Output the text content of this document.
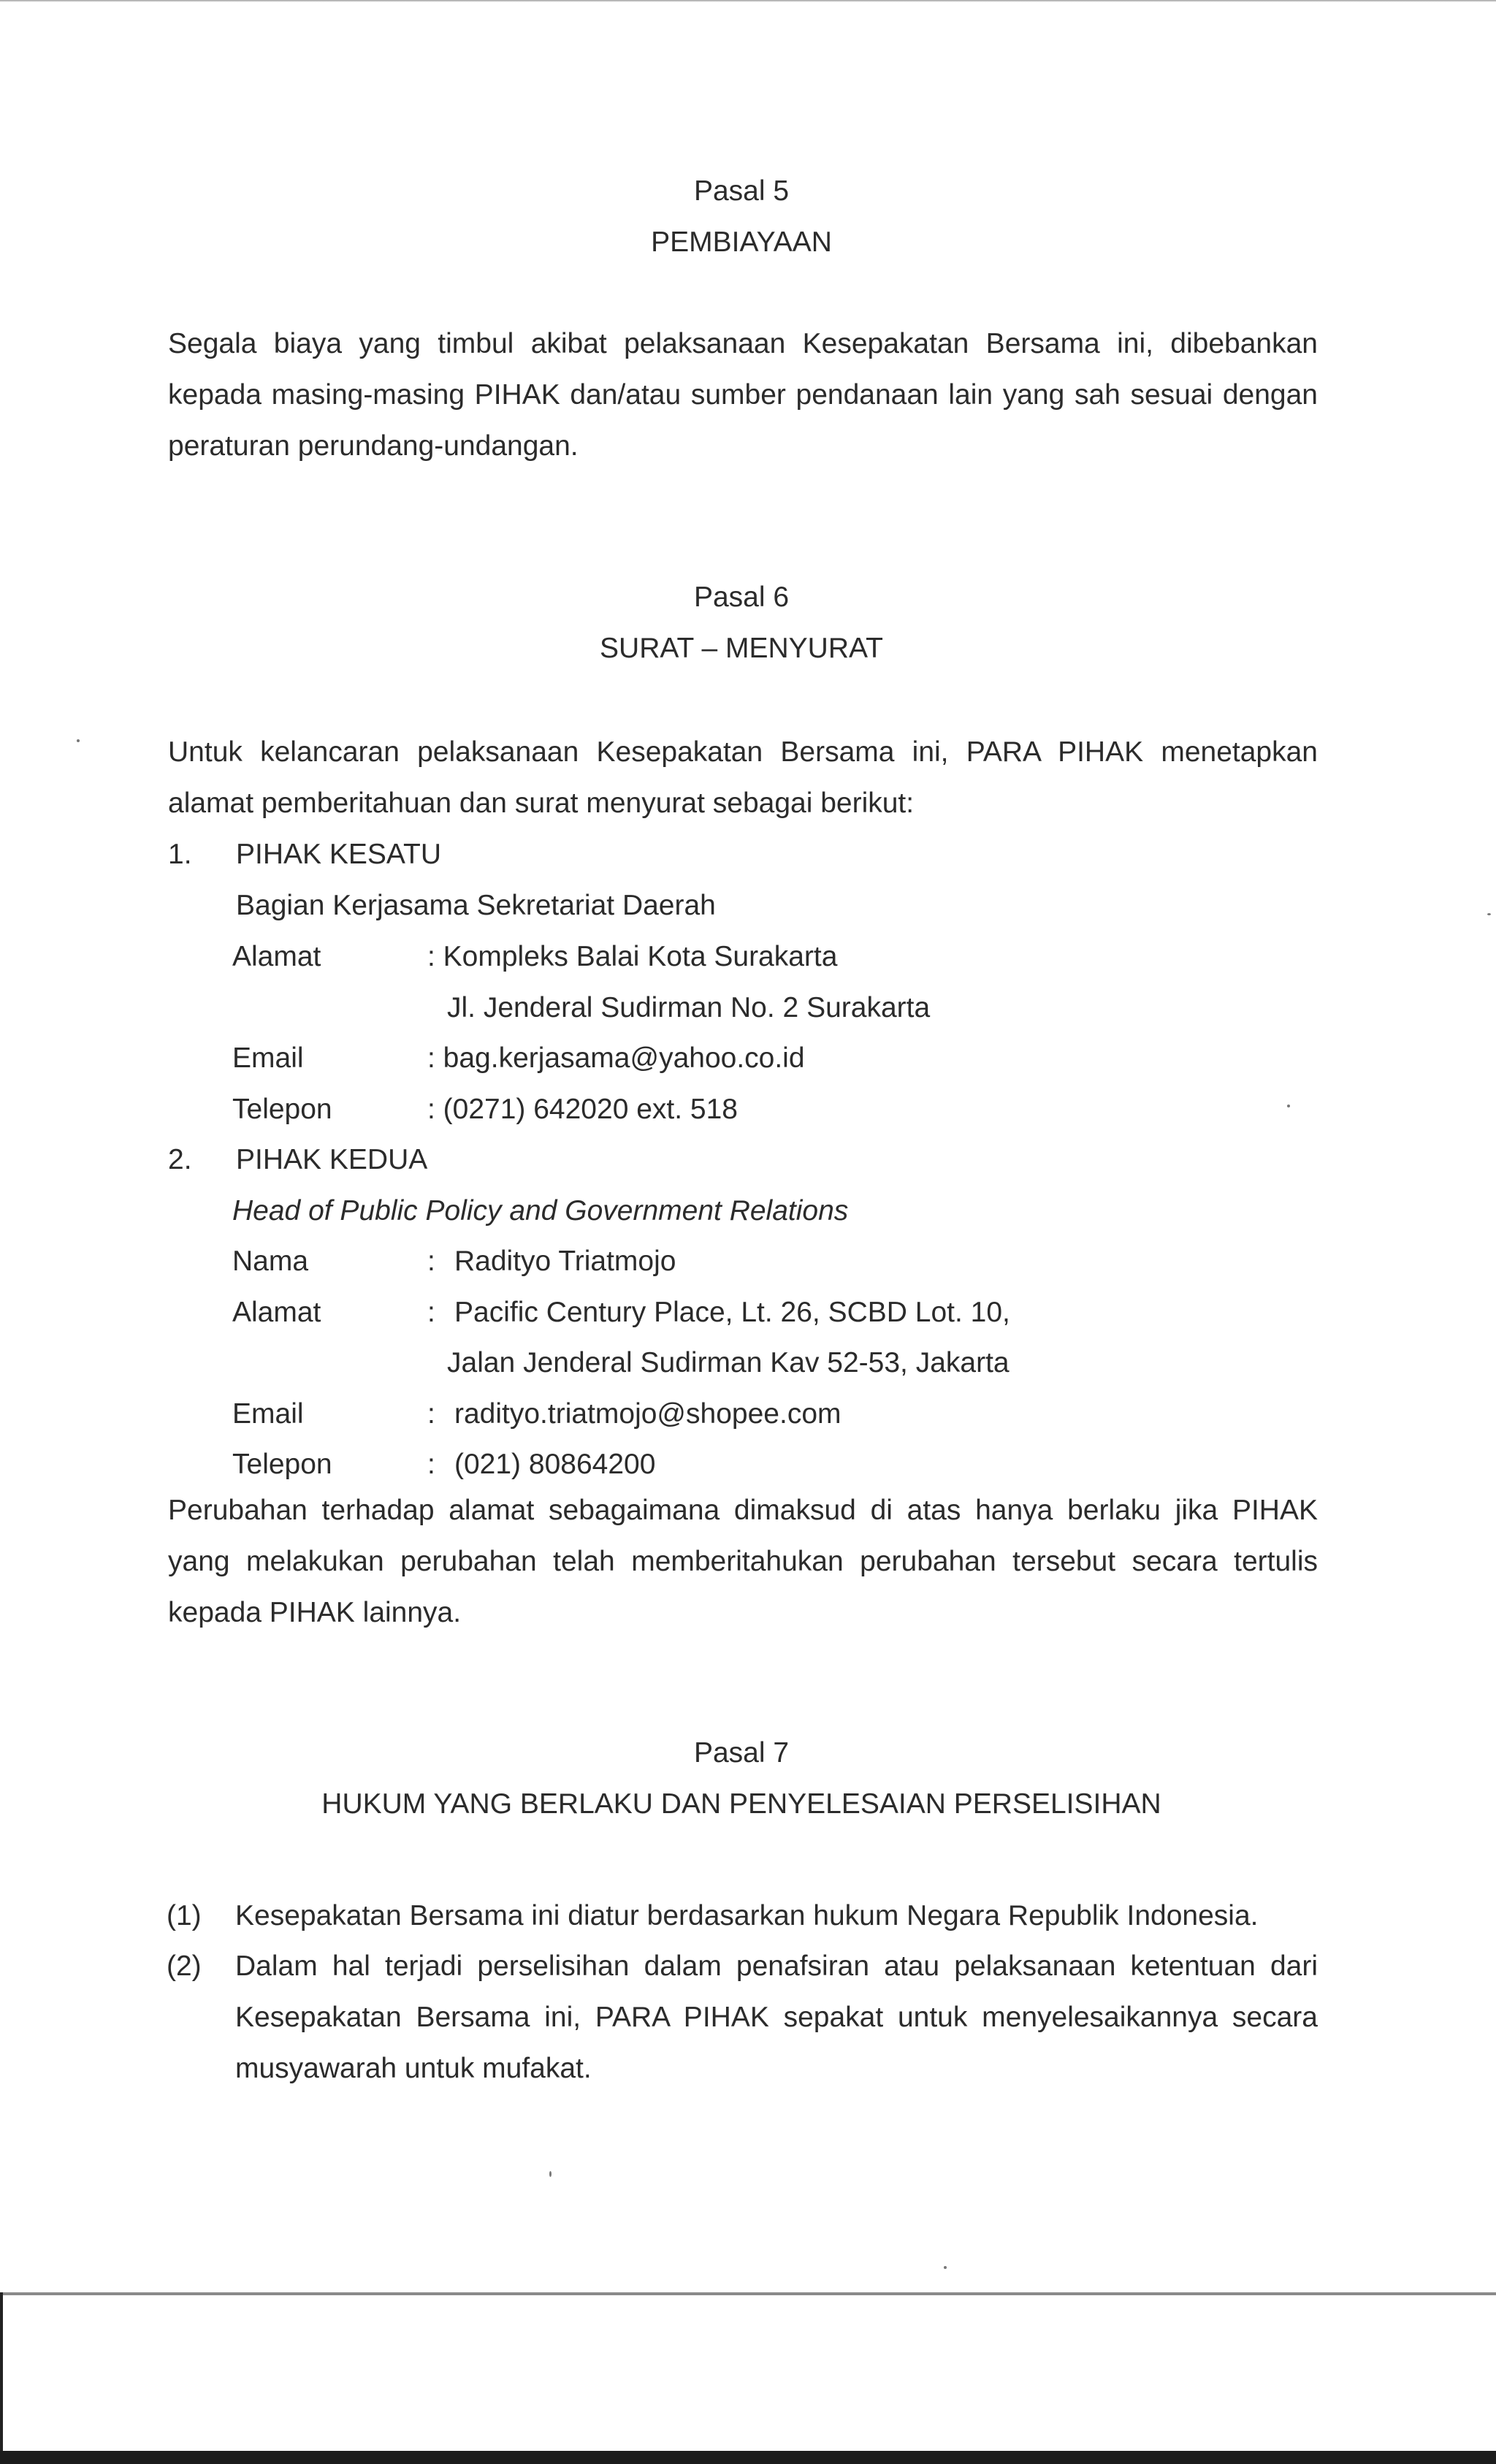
Pasal 5
PEMBIAYAAN
Segala biaya yang timbul akibat pelaksanaan Kesepakatan Bersama ini, dibebankan
kepada masing-masing PIHAK dan/atau sumber pendanaan lain yang sah sesuai dengan
peraturan perundang-undangan.
Pasal 6
SURAT – MENYURAT
Untuk kelancaran pelaksanaan Kesepakatan Bersama ini, PARA PIHAK menetapkan
alamat pemberitahuan dan surat menyurat sebagai berikut:
1. PIHAK KESATU
Bagian Kerjasama Sekretariat Daerah
Alamat	: Kompleks Balai Kota Surakarta
Jl. Jenderal Sudirman No. 2 Surakarta
Email	: bag.kerjasama@yahoo.co.id
Telepon	: (0271) 642020 ext. 518
2. PIHAK KEDUA
Head of Public Policy and Government Relations
Nama	: Radityo Triatmojo
Alamat	: Pacific Century Place, Lt. 26, SCBD Lot. 10,
Jalan Jenderal Sudirman Kav 52-53, Jakarta
Email	: radityo.triatmojo@shopee.com
Telepon	: (021) 80864200
Perubahan terhadap alamat sebagaimana dimaksud di atas hanya berlaku jika PIHAK
yang melakukan perubahan telah memberitahukan perubahan tersebut secara tertulis
kepada PIHAK lainnya.
Pasal 7
HUKUM YANG BERLAKU DAN PENYELESAIAN PERSELISIHAN
(1) Kesepakatan Bersama ini diatur berdasarkan hukum Negara Republik Indonesia.
(2) Dalam hal terjadi perselisihan dalam penafsiran atau pelaksanaan ketentuan dari
Kesepakatan Bersama ini, PARA PIHAK sepakat untuk menyelesaikannya secara
musyawarah untuk mufakat.
